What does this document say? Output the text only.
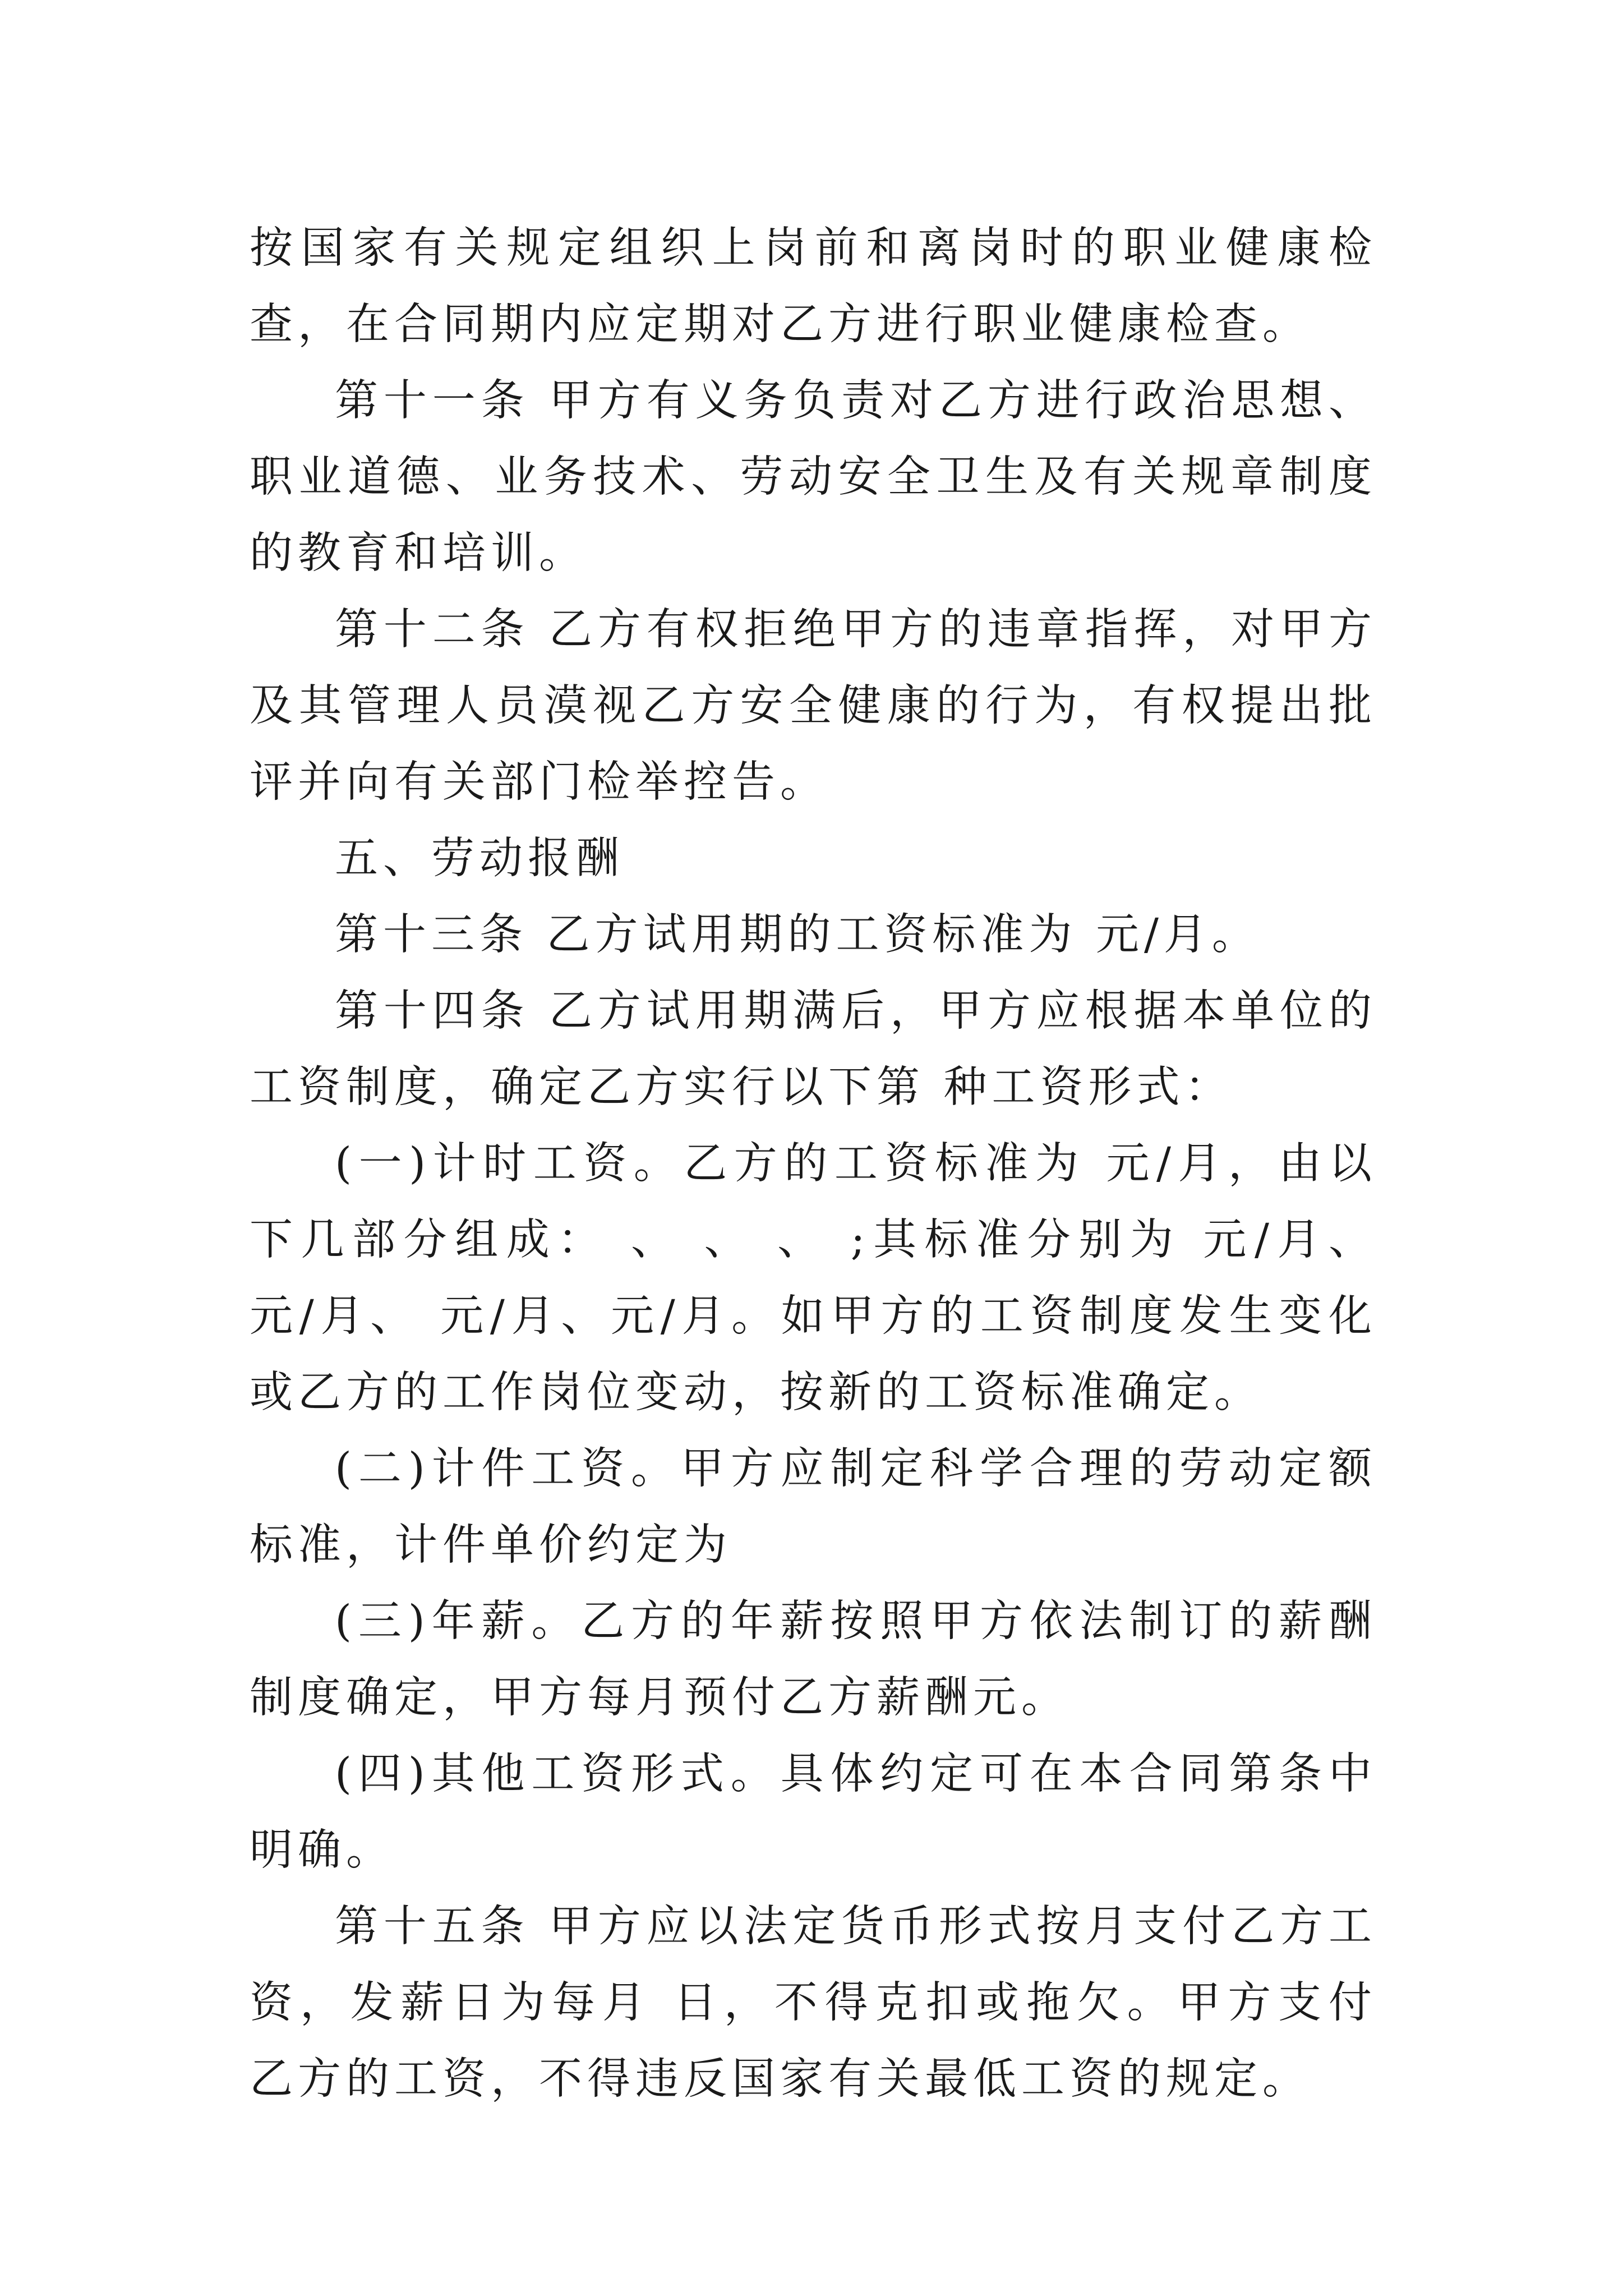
按国家有关规定组织上岗前和离岗时的职业健康检查，在合同期内应定期对乙方进行职业健康检查。

第十一条 甲方有义务负责对乙方进行政治思想、职业道德、业务技术、劳动安全卫生及有关规章制度的教育和培训。

第十二条 乙方有权拒绝甲方的违章指挥，对甲方及其管理人员漠视乙方安全健康的行为，有权提出批评并向有关部门检举控告。

五、劳动报酬

第十三条 乙方试用期的工资标准为 元/月。

第十四条 乙方试用期满后，甲方应根据本单位的工资制度，确定乙方实行以下第 种工资形式：

(一)计时工资。乙方的工资标准为 元/月，由以下几部分组成： 、 、 、 ;其标准分别为 元/月、 元/月、 元/月、元/月。如甲方的工资制度发生变化或乙方的工作岗位变动，按新的工资标准确定。

(二)计件工资。甲方应制定科学合理的劳动定额标准，计件单价约定为

(三)年薪。乙方的年薪按照甲方依法制订的薪酬制度确定，甲方每月预付乙方薪酬元。

(四)其他工资形式。具体约定可在本合同第条中明确。

第十五条 甲方应以法定货币形式按月支付乙方工资，发薪日为每月 日，不得克扣或拖欠。甲方支付乙方的工资，不得违反国家有关最低工资的规定。
